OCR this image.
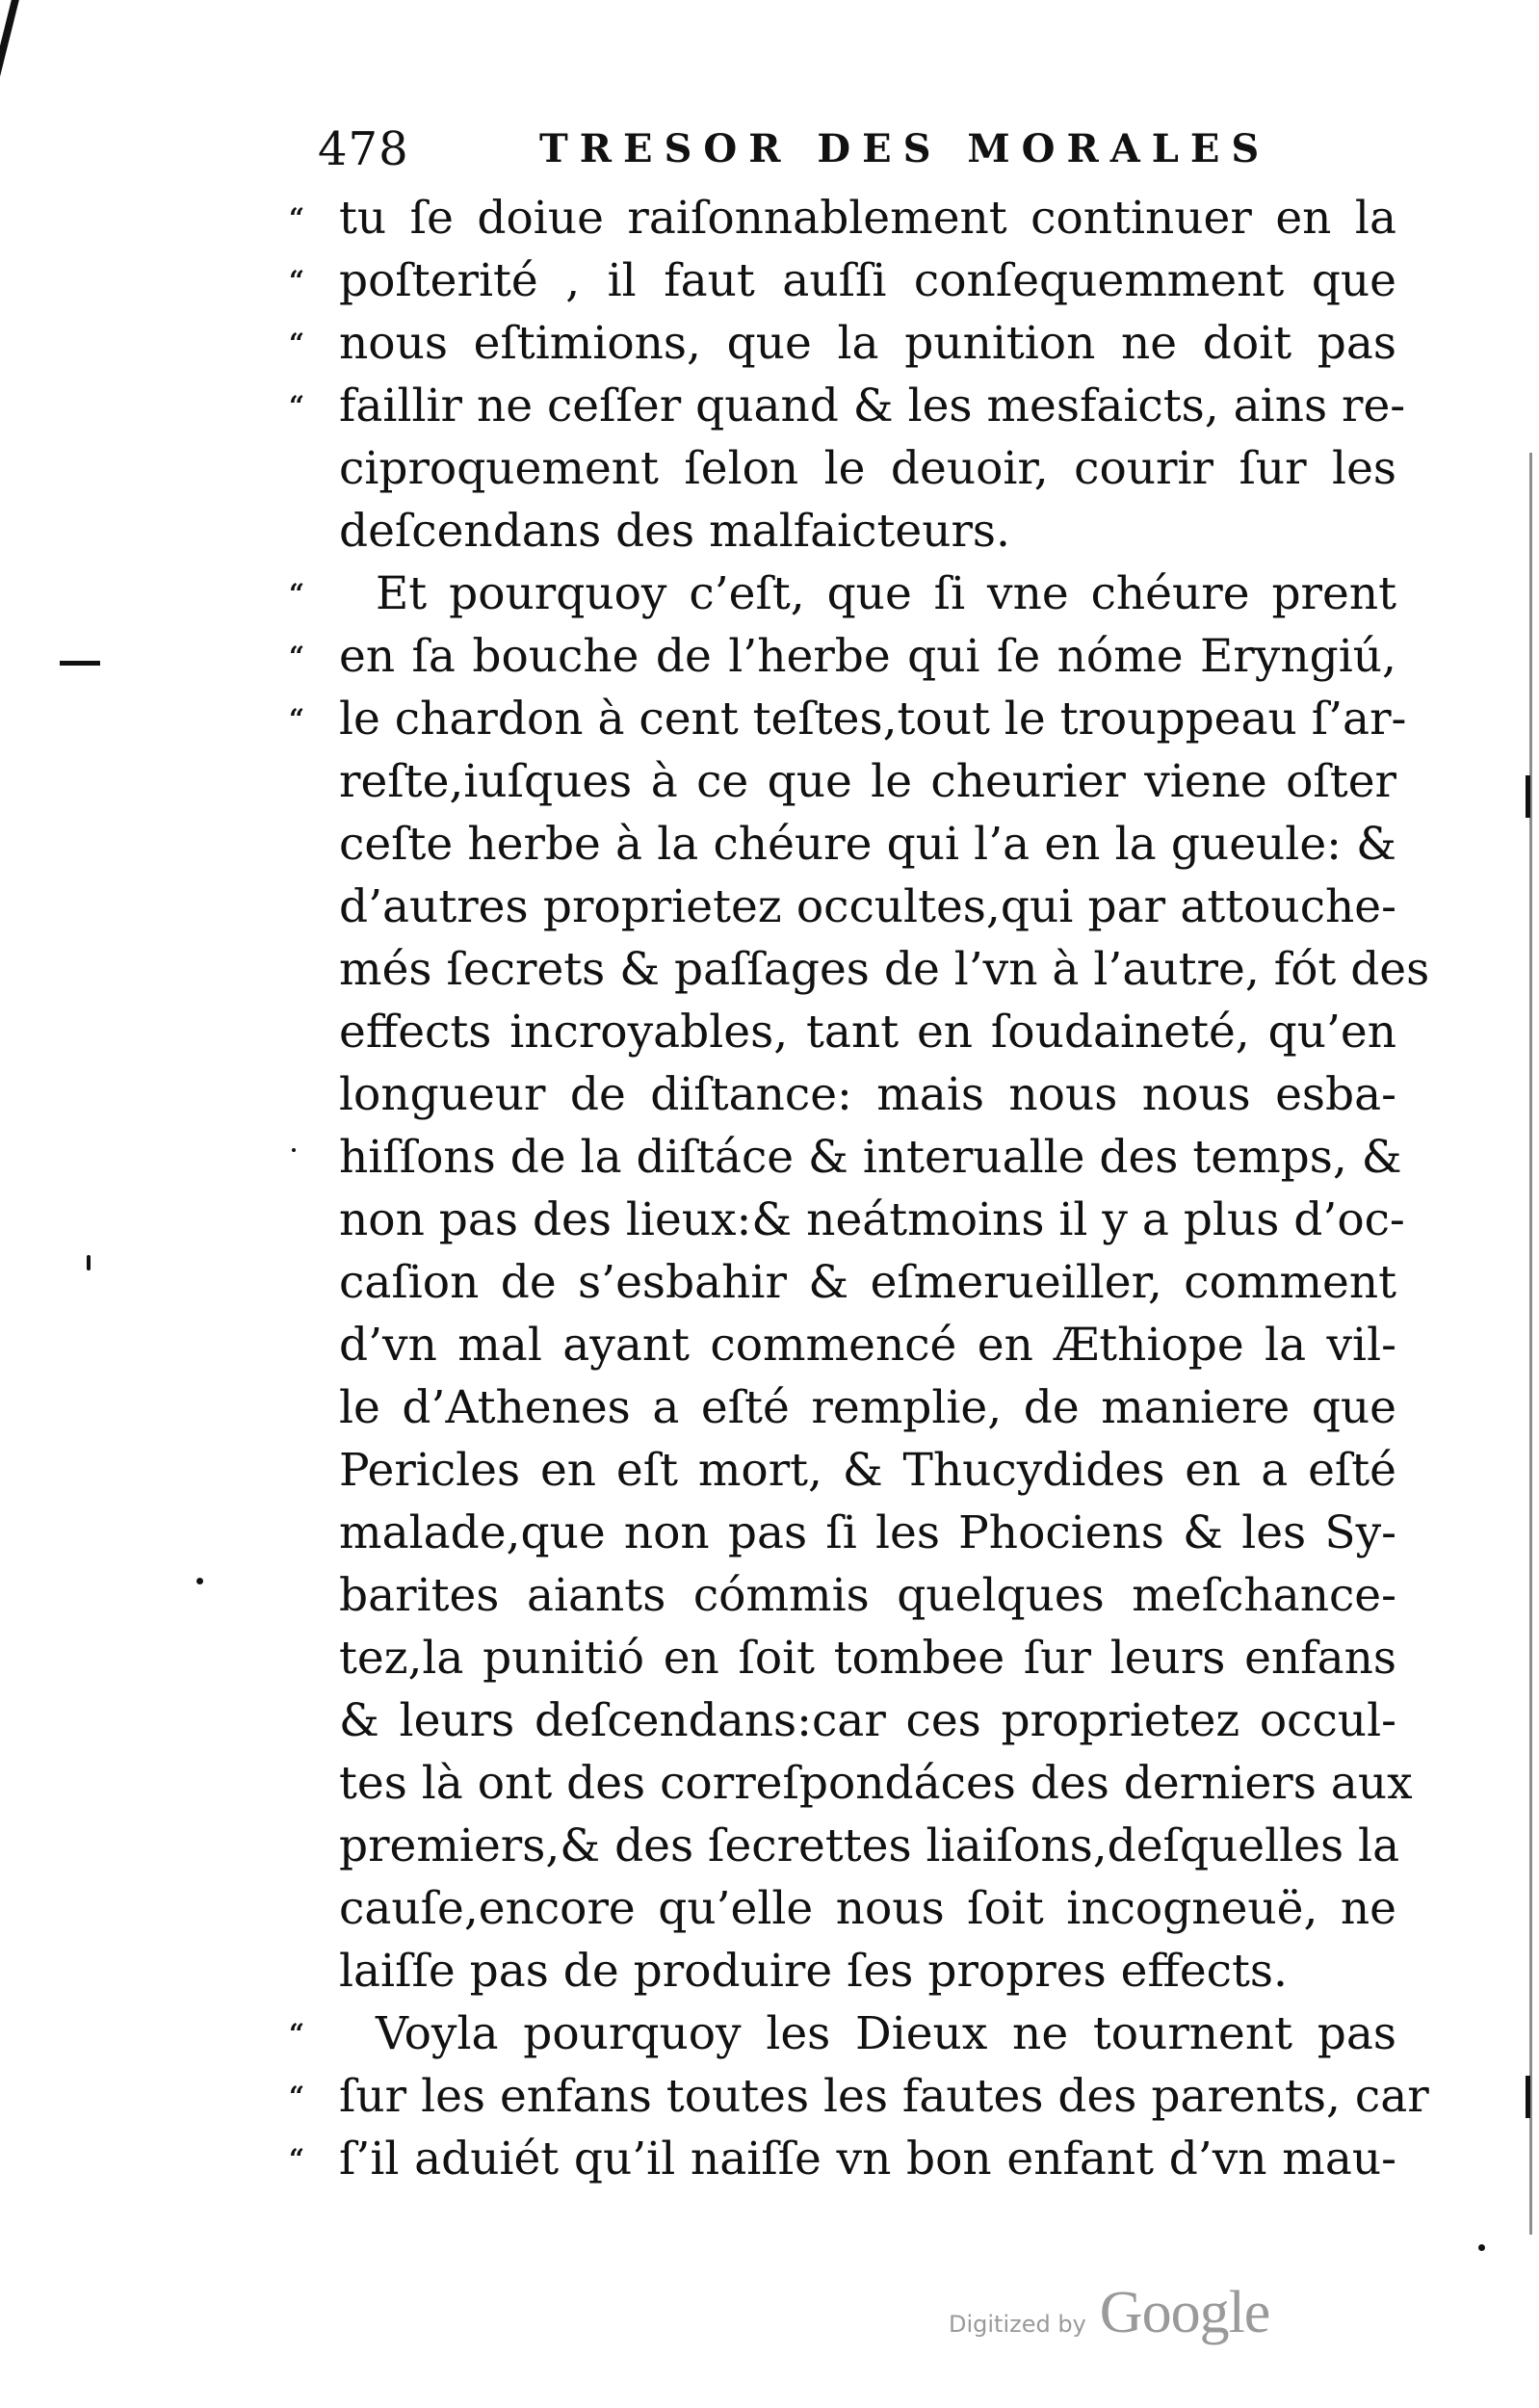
478	TRESOR DES MORALES
“ tu ſe doiue raiſonnablement continuer en la
“ poſterité , il faut auſſi conſequemment que
“ nous eſtimions, que la punition ne doit pas
“ faillir ne ceſſer quand & les mesfaicts, ains re-
ciproquement ſelon le deuoir, courir ſur les
deſcendans des malfaicteurs.
“	Et pourquoy c’eſt, que ſi vne chéure prent
“ en ſa bouche de l’herbe qui ſe nóme Eryngiú,
“ le chardon à cent teſtes,tout le trouppeau ſ’ar-
reſte,iuſques à ce que le cheurier viene oſter
ceſte herbe à la chéure qui l’a en la gueule: &
d’autres proprietez occultes,qui par attouche-
més ſecrets & paſſages de l’vn à l’autre, fót des
effects incroyables, tant en ſoudaineté, qu’en
longueur de diſtance: mais nous nous esba-
hiſſons de la diſtáce & interualle des temps, &
non pas des lieux:& neátmoins il y a plus d’oc-
caſion de s’esbahir & eſmerueiller, comment
d’vn mal ayant commencé en Æthiope la vil-
le d’Athenes a eſté remplie, de maniere que
Pericles en eſt mort, & Thucydides en a eſté
malade,que non pas ſi les Phociens & les Sy-
barites aiants cómmis quelques meſchance-
tez,la punitió en ſoit tombee ſur leurs enfans
& leurs deſcendans:car ces proprietez occul-
tes là ont des correſpondáces des derniers aux
premiers,& des ſecrettes liaiſons,deſquelles la
cauſe,encore qu’elle nous ſoit incogneuë, ne
laiſſe pas de produire ſes propres effects.
“	Voyla pourquoy les Dieux ne tournent pas
“ ſur les enfans toutes les fautes des parents, car
“ ſ’il aduiét qu’il naiſſe vn bon enfant d’vn mau-
Digitized by Google
